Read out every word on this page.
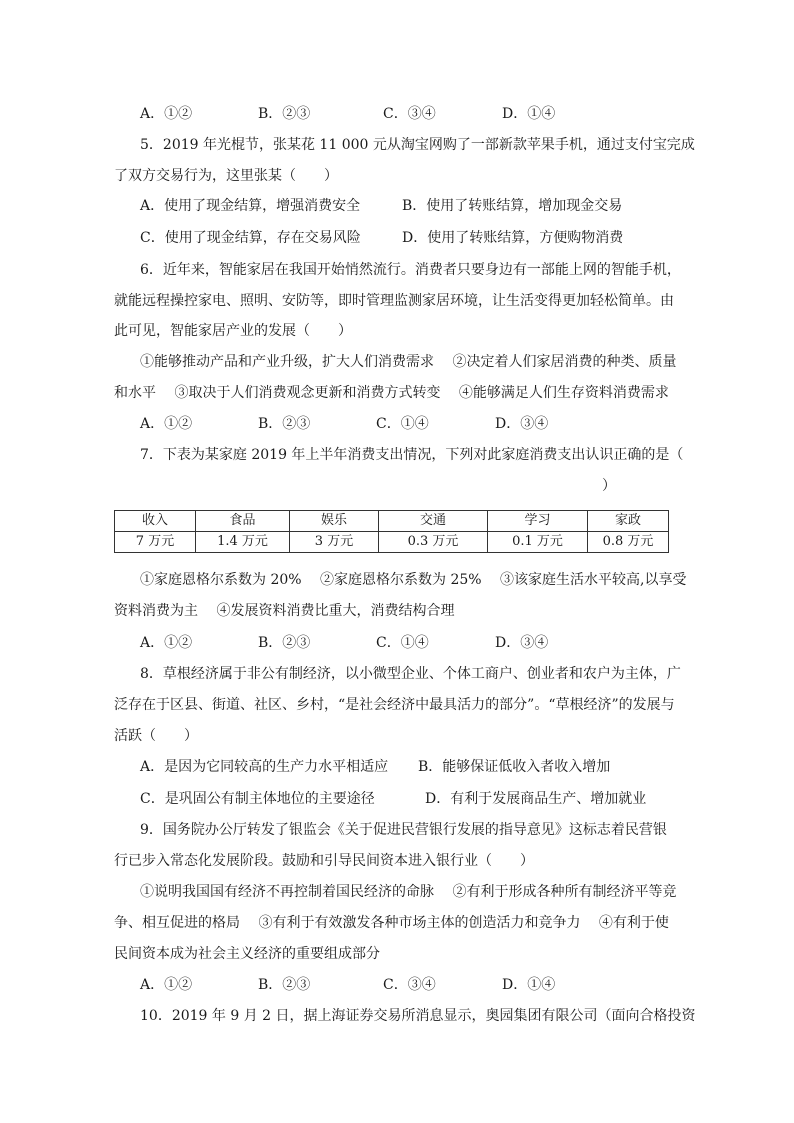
A．①②	B．②③	C．③④	D．①④
5．2019 年光棍节，张某花 11 000 元从淘宝网购了一部新款苹果手机，通过支付宝完成
了双方交易行为，这里张某（　　）
A．使用了现金结算，增强消费安全	B．使用了转账结算，增加现金交易
C．使用了现金结算，存在交易风险	D．使用了转账结算，方便购物消费
6．近年来，智能家居在我国开始悄然流行。消费者只要身边有一部能上网的智能手机，
就能远程操控家电、照明、安防等，即时管理监测家居环境，让生活变得更加轻松简单。由
此可见，智能家居产业的发展（　　）
①能够推动产品和产业升级，扩大人们消费需求　 ②决定着人们家居消费的种类、质量
和水平　 ③取决于人们消费观念更新和消费方式转变　 ④能够满足人们生存资料消费需求
A．①②	B．②③	C．①④	D．③④
7．下表为某家庭 2019 年上半年消费支出情况，下列对此家庭消费支出认识正确的是（
）
收入	食品	娱乐	交通	学习	家政
7 万元	1.4 万元	3 万元	0.3 万元	0.1 万元	0.8 万元
①家庭恩格尔系数为 20%　 ②家庭恩格尔系数为 25%　 ③该家庭生活水平较高,以享受
资料消费为主　 ④发展资料消费比重大，消费结构合理
A．①②	B．②③	C．①④	D．③④
8．草根经济属于非公有制经济，以小微型企业、个体工商户、创业者和农户为主体，广
泛存在于区县、街道、社区、乡村，“是社会经济中最具活力的部分”。“草根经济”的发展与
活跃（　　）
A．是因为它同较高的生产力水平相适应 B．能够保证低收入者收入增加
C．是巩固公有制主体地位的主要途径	D．有利于发展商品生产、增加就业
9．国务院办公厅转发了银监会《关于促进民营银行发展的指导意见》这标志着民营银
行已步入常态化发展阶段。鼓励和引导民间资本进入银行业（　　）
①说明我国国有经济不再控制着国民经济的命脉　 ②有利于形成各种所有制经济平等竞
争、相互促进的格局　 ③有利于有效激发各种市场主体的创造活力和竞争力　 ④有利于使
民间资本成为社会主义经济的重要组成部分
A．①②	B．②③	C．③④	D．①④
10．2019 年 9 月 2 日，据上海证券交易所消息显示，奥园集团有限公司（面向合格投资
